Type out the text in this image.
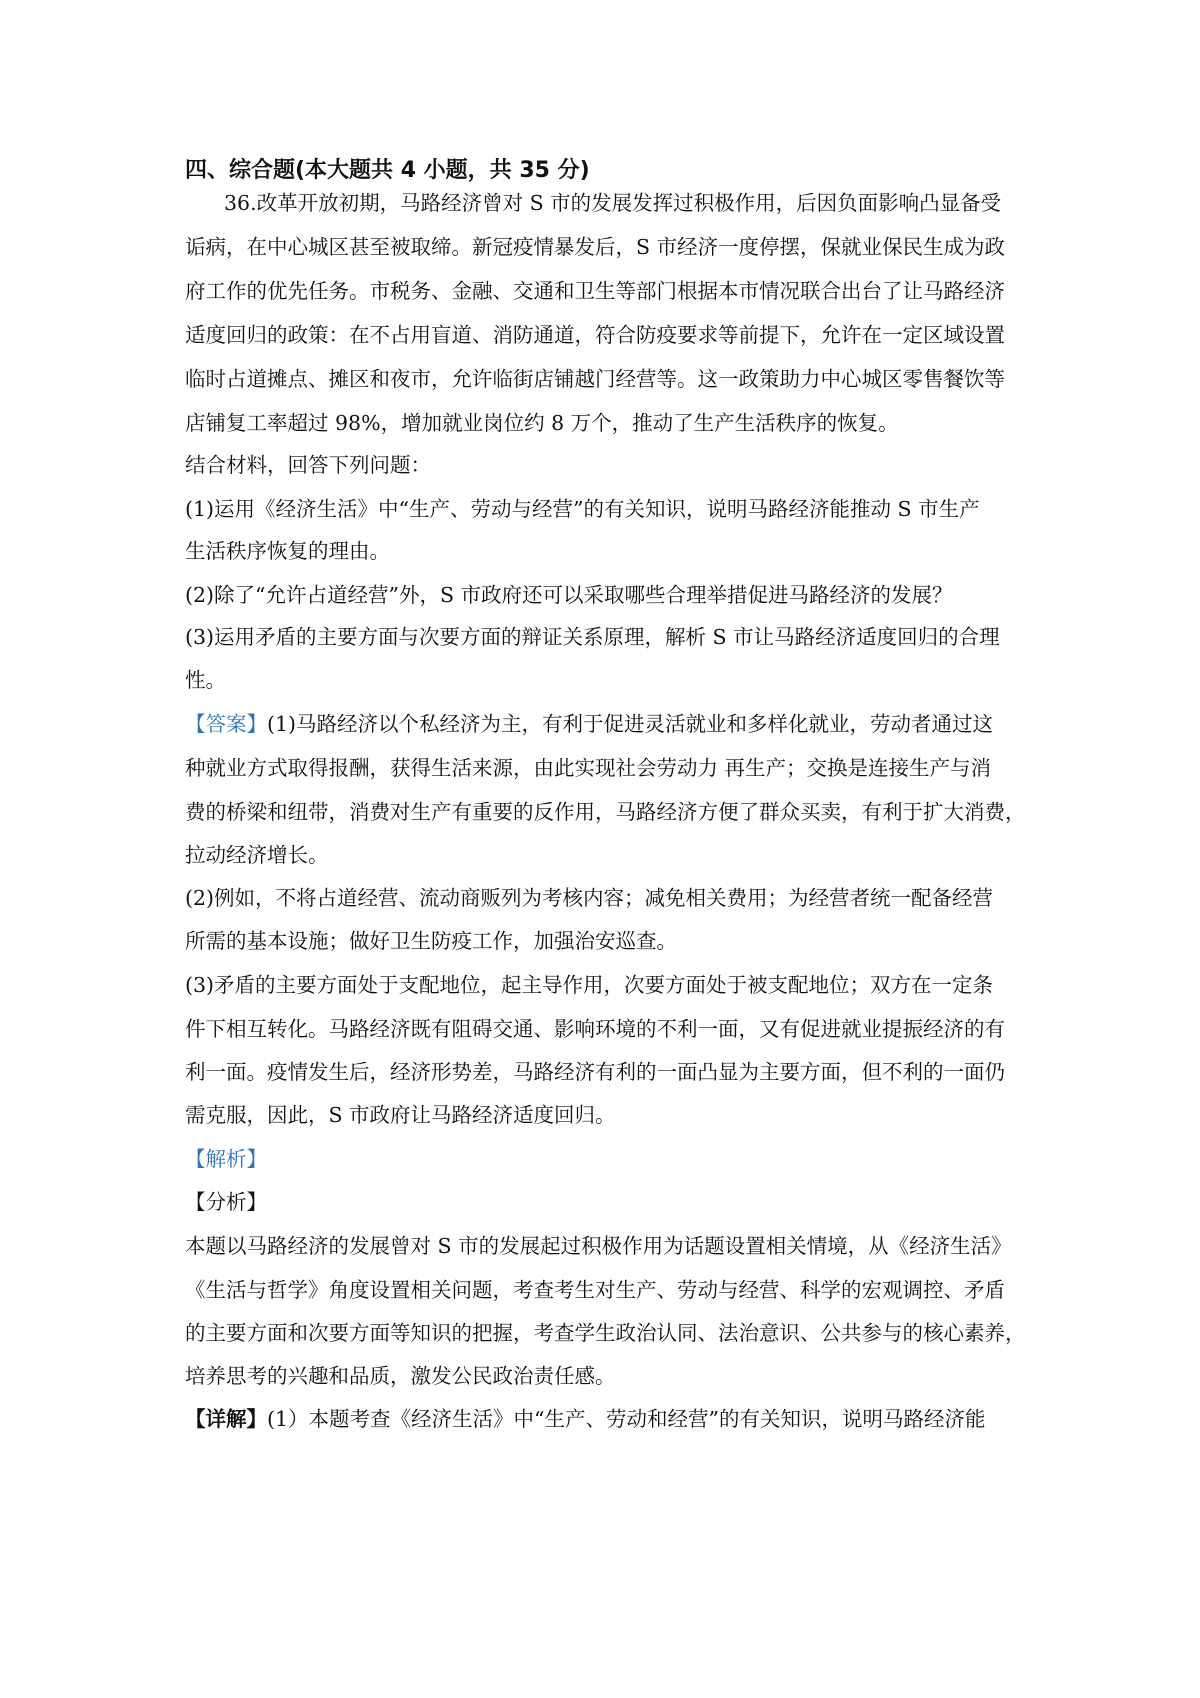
四、综合题(本大题共 4 小题，共 35 分)
36.改革开放初期，马路经济曾对 S 市的发展发挥过积极作用，后因负面影响凸显备受
诟病，在中心城区甚至被取缔。新冠疫情暴发后，S 市经济一度停摆，保就业保民生成为政
府工作的优先任务。市税务、金融、交通和卫生等部门根据本市情况联合出台了让马路经济
适度回归的政策：在不占用盲道、消防通道，符合防疫要求等前提下，允许在一定区域设置
临时占道摊点、摊区和夜市，允许临街店铺越门经营等。这一政策助力中心城区零售餐饮等
店铺复工率超过 98%，增加就业岗位约 8 万个，推动了生产生活秩序的恢复。
结合材料，回答下列问题：
(1)运用《经济生活》中“生产、劳动与经营”的有关知识，说明马路经济能推动 S 市生产
生活秩序恢复的理由。
(2)除了“允许占道经营”外，S 市政府还可以采取哪些合理举措促进马路经济的发展？
(3)运用矛盾的主要方面与次要方面的辩证关系原理，解析 S 市让马路经济适度回归的合理
性。
【答案】(1)马路经济以个私经济为主，有利于促进灵活就业和多样化就业，劳动者通过这
种就业方式取得报酬，获得生活来源，由此实现社会劳动力 再生产；交换是连接生产与消
费的桥梁和纽带，消费对生产有重要的反作用，马路经济方便了群众买卖，有利于扩大消费，
拉动经济增长。
(2)例如，不将占道经营、流动商贩列为考核内容；减免相关费用；为经营者统一配备经营
所需的基本设施；做好卫生防疫工作，加强治安巡查。
(3)矛盾的主要方面处于支配地位，起主导作用，次要方面处于被支配地位；双方在一定条
件下相互转化。马路经济既有阻碍交通、影响环境的不利一面，又有促进就业提振经济的有
利一面。疫情发生后，经济形势差，马路经济有利的一面凸显为主要方面，但不利的一面仍
需克服，因此，S 市政府让马路经济适度回归。
【解析】
【分析】
本题以马路经济的发展曾对 S 市的发展起过积极作用为话题设置相关情境，从《经济生活》
《生活与哲学》角度设置相关问题，考查考生对生产、劳动与经营、科学的宏观调控、矛盾
的主要方面和次要方面等知识的把握，考查学生政治认同、法治意识、公共参与的核心素养，
培养思考的兴趣和品质，激发公民政治责任感。
【详解】(1）本题考查《经济生活》中“生产、劳动和经营”的有关知识，说明马路经济能
